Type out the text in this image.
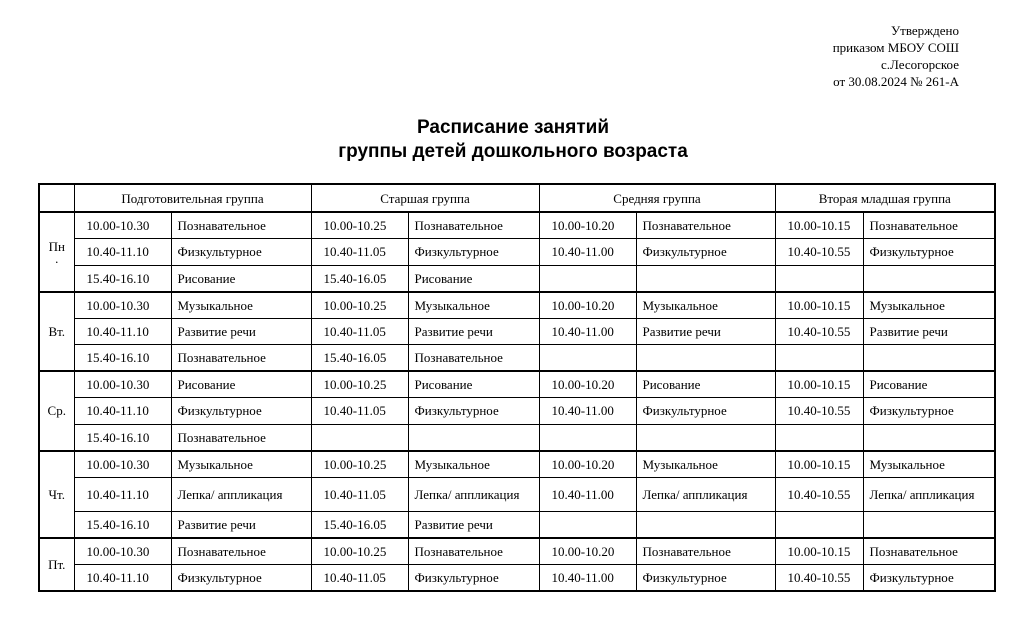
Утверждено
приказом МБОУ СОШ
с.Лесогорское
от 30.08.2024 № 261-А
Расписание занятий
группы детей дошкольного возраста
	Подготовительная группа		Старшая группа		Средняя группа		Вторая младшая группа	
Пн
.	10.00-10.30	Познавательное	10.00-10.25	Познавательное	10.00-10.20	Познавательное	10.00-10.15	Познавательное
	10.40-11.10	Физкультурное	10.40-11.05	Физкультурное	10.40-11.00	Физкультурное	10.40-10.55	Физкультурное
	15.40-16.10	Рисование	15.40-16.05	Рисование				
Вт.	10.00-10.30	Музыкальное	10.00-10.25	Музыкальное	10.00-10.20	Музыкальное	10.00-10.15	Музыкальное
	10.40-11.10	Развитие речи	10.40-11.05	Развитие речи	10.40-11.00	Развитие речи	10.40-10.55	Развитие речи
	15.40-16.10	Познавательное	15.40-16.05	Познавательное				
Ср.	10.00-10.30	Рисование	10.00-10.25	Рисование	10.00-10.20	Рисование	10.00-10.15	Рисование
	10.40-11.10	Физкультурное	10.40-11.05	Физкультурное	10.40-11.00	Физкультурное	10.40-10.55	Физкультурное
	15.40-16.10	Познавательное						
Чт.	10.00-10.30	Музыкальное	10.00-10.25	Музыкальное	10.00-10.20	Музыкальное	10.00-10.15	Музыкальное
	10.40-11.10	Лепка/ аппликация	10.40-11.05	Лепка/ аппликация	10.40-11.00	Лепка/ аппликация	10.40-10.55	Лепка/ аппликация
	15.40-16.10	Развитие речи	15.40-16.05	Развитие речи				
Пт.	10.00-10.30	Познавательное	10.00-10.25	Познавательное	10.00-10.20	Познавательное	10.00-10.15	Познавательное
	10.40-11.10	Физкультурное	10.40-11.05	Физкультурное	10.40-11.00	Физкультурное	10.40-10.55	Физкультурное
